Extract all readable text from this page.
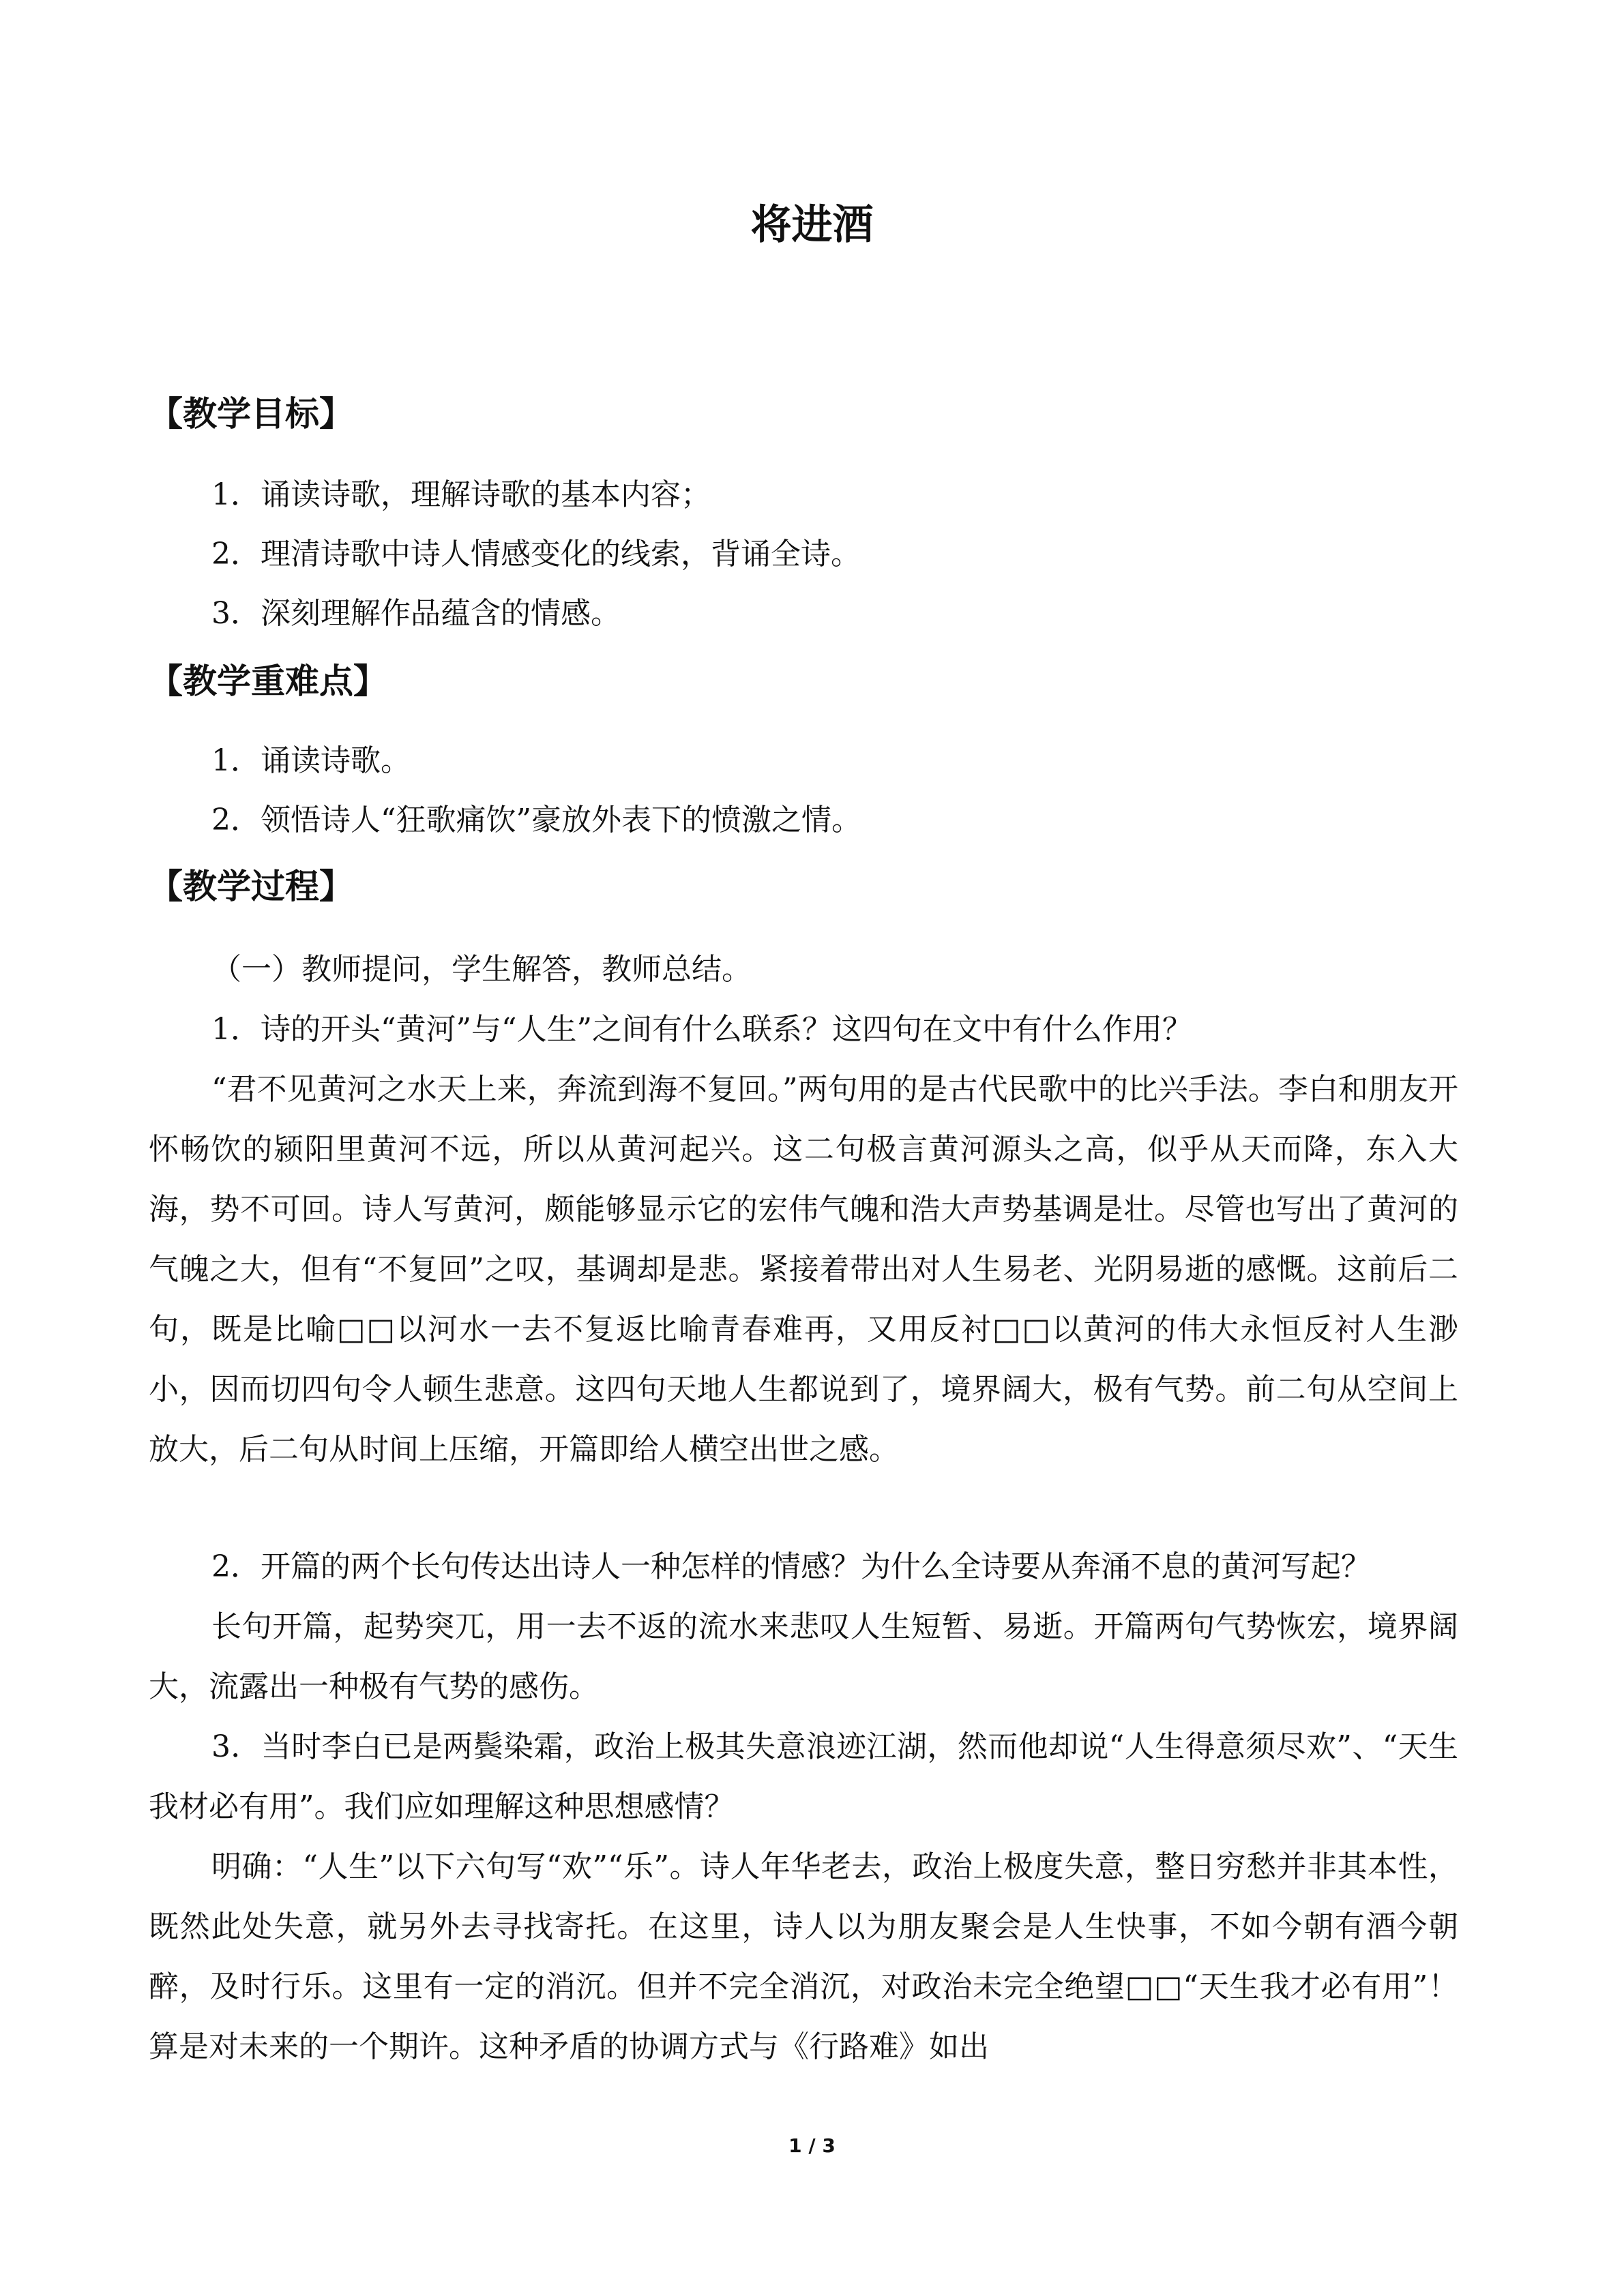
将进酒
【教学目标】
1．诵读诗歌，理解诗歌的基本内容；
2．理清诗歌中诗人情感变化的线索，背诵全诗。
3．深刻理解作品蕴含的情感。
【教学重难点】
1．诵读诗歌。
2．领悟诗人“狂歌痛饮”豪放外表下的愤激之情。
【教学过程】

（一）教师提问，学生解答，教师总结。

1．诗的开头“黄河”与“人生”之间有什么联系？这四句在文中有什么作用？

“君不见黄河之水天上来，奔流到海不复回。”两句用的是古代民歌中的比兴手法。李白和朋友开怀畅饮的颍阳里黄河不远，所以从黄河起兴。这二句极言黄河源头之高，似乎从天而降，东入大海，势不可回。诗人写黄河，颇能够显示它的宏伟气魄和浩大声势基调是壮。尽管也写出了黄河的气魄之大，但有“不复回”之叹，基调却是悲。紧接着带出对人生易老、光阴易逝的感慨。这前后二句，既是比喻□□以河水一去不复返比喻青春难再，又用反衬□□以黄河的伟大永恒反衬人生渺小，因而切四句令人顿生悲意。这四句天地人生都说到了，境界阔大，极有气势。前二句从空间上放大，后二句从时间上压缩，开篇即给人横空出世之感。

2．开篇的两个长句传达出诗人一种怎样的情感？为什么全诗要从奔涌不息的黄河写起？

长句开篇，起势突兀，用一去不返的流水来悲叹人生短暂、易逝。开篇两句气势恢宏，境界阔大，流露出一种极有气势的感伤。

3．当时李白已是两鬓染霜，政治上极其失意浪迹江湖，然而他却说“人生得意须尽欢”、“天生我材必有用”。我们应如理解这种思想感情？

明确：“人生”以下六句写“欢”“乐”。诗人年华老去，政治上极度失意，整日穷愁并非其本性，既然此处失意，就另外去寻找寄托。在这里，诗人以为朋友聚会是人生快事，不如今朝有酒今朝醉，及时行乐。这里有一定的消沉。但并不完全消沉，对政治未完全绝望□□“天生我才必有用”！算是对未来的一个期许。这种矛盾的协调方式与《行路难》如出

1 / 3
